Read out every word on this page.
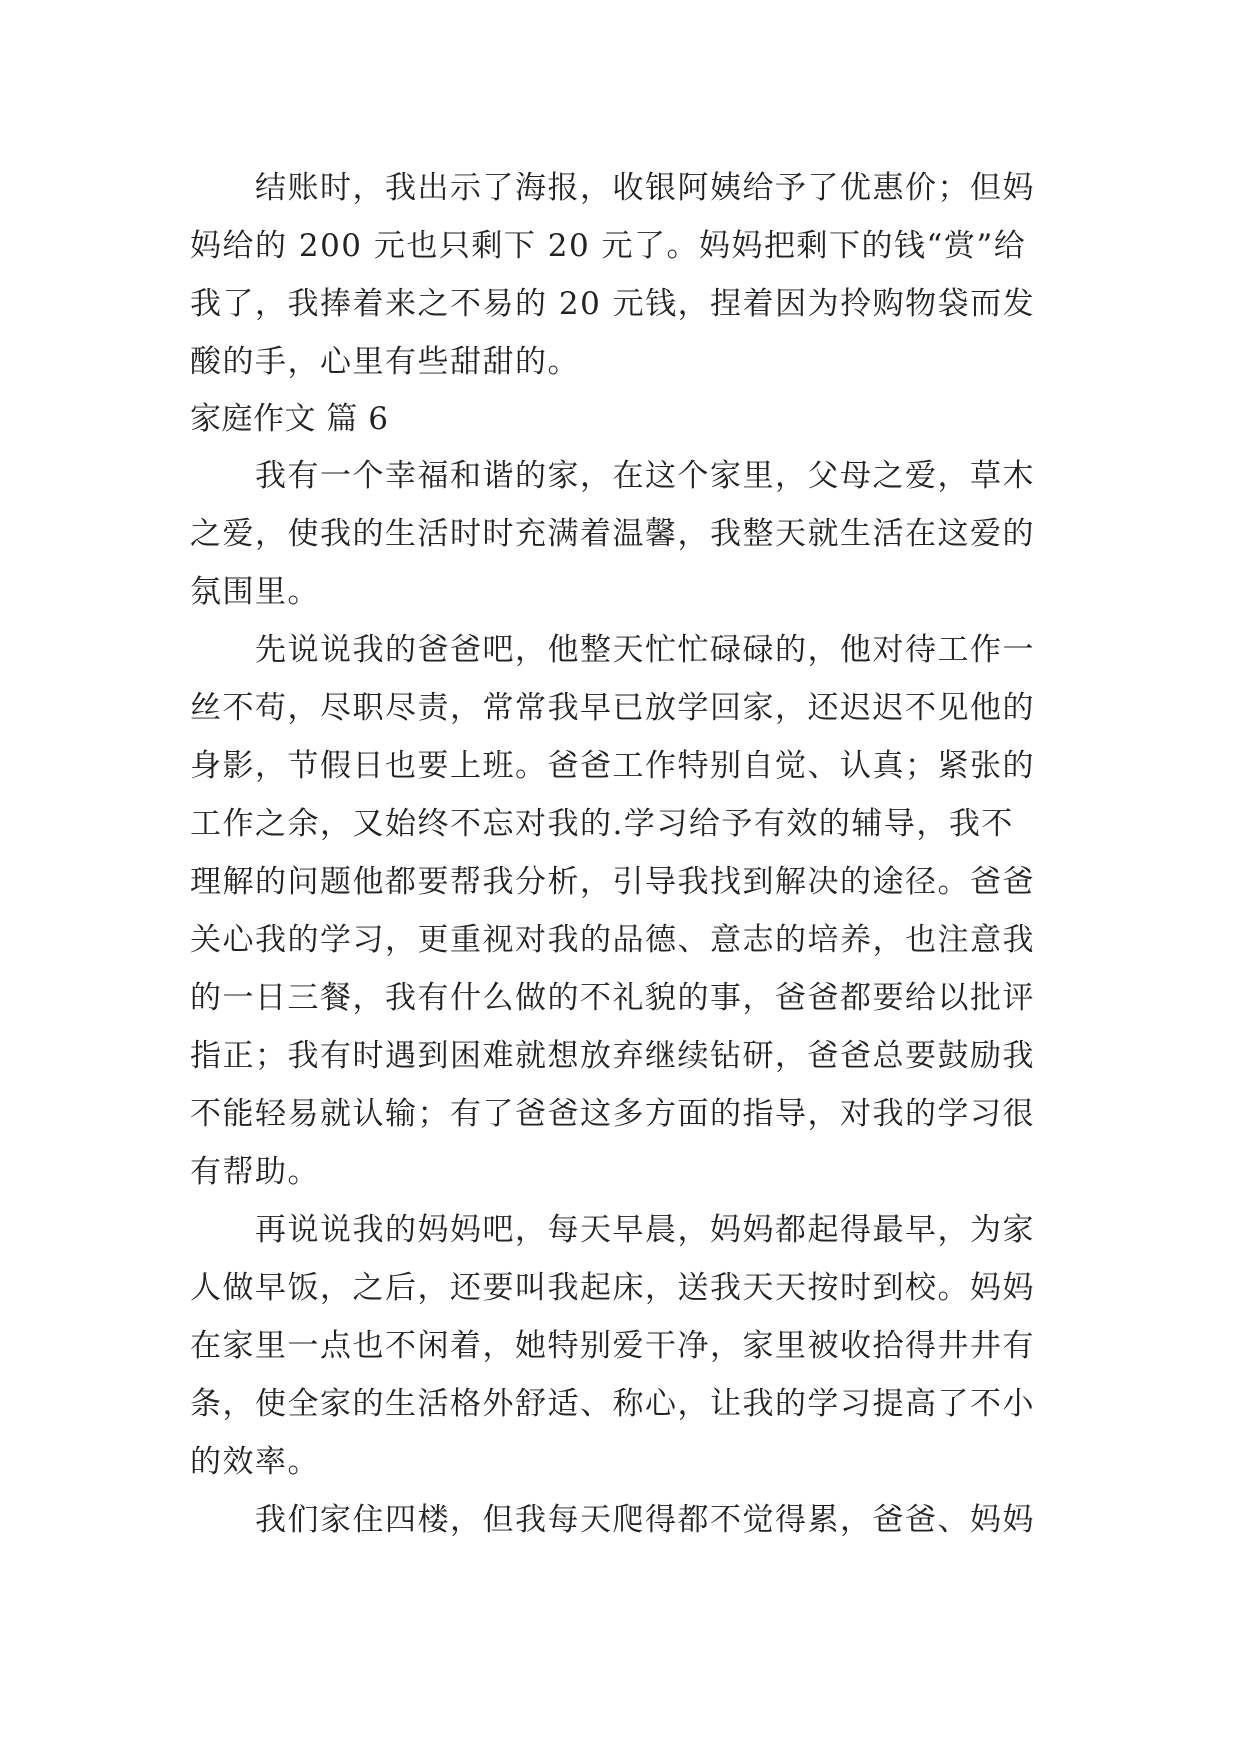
结账时，我出示了海报，收银阿姨给予了优惠价；但妈
妈给的 200 元也只剩下 20 元了。妈妈把剩下的钱“赏”给
我了，我捧着来之不易的 20 元钱，捏着因为拎购物袋而发
酸的手，心里有些甜甜的。
家庭作文 篇 6
我有一个幸福和谐的家，在这个家里，父母之爱，草木
之爱，使我的生活时时充满着温馨，我整天就生活在这爱的
氛围里。
先说说我的爸爸吧，他整天忙忙碌碌的，他对待工作一
丝不苟，尽职尽责，常常我早已放学回家，还迟迟不见他的
身影，节假日也要上班。爸爸工作特别自觉、认真；紧张的
工作之余，又始终不忘对我的.学习给予有效的辅导，我不
理解的问题他都要帮我分析，引导我找到解决的途径。爸爸
关心我的学习，更重视对我的品德、意志的培养，也注意我
的一日三餐，我有什么做的不礼貌的事，爸爸都要给以批评
指正；我有时遇到困难就想放弃继续钻研，爸爸总要鼓励我
不能轻易就认输；有了爸爸这多方面的指导，对我的学习很
有帮助。
再说说我的妈妈吧，每天早晨，妈妈都起得最早，为家
人做早饭，之后，还要叫我起床，送我天天按时到校。妈妈
在家里一点也不闲着，她特别爱干净，家里被收拾得井井有
条，使全家的生活格外舒适、称心，让我的学习提高了不小
的效率。
我们家住四楼，但我每天爬得都不觉得累，爸爸、妈妈
